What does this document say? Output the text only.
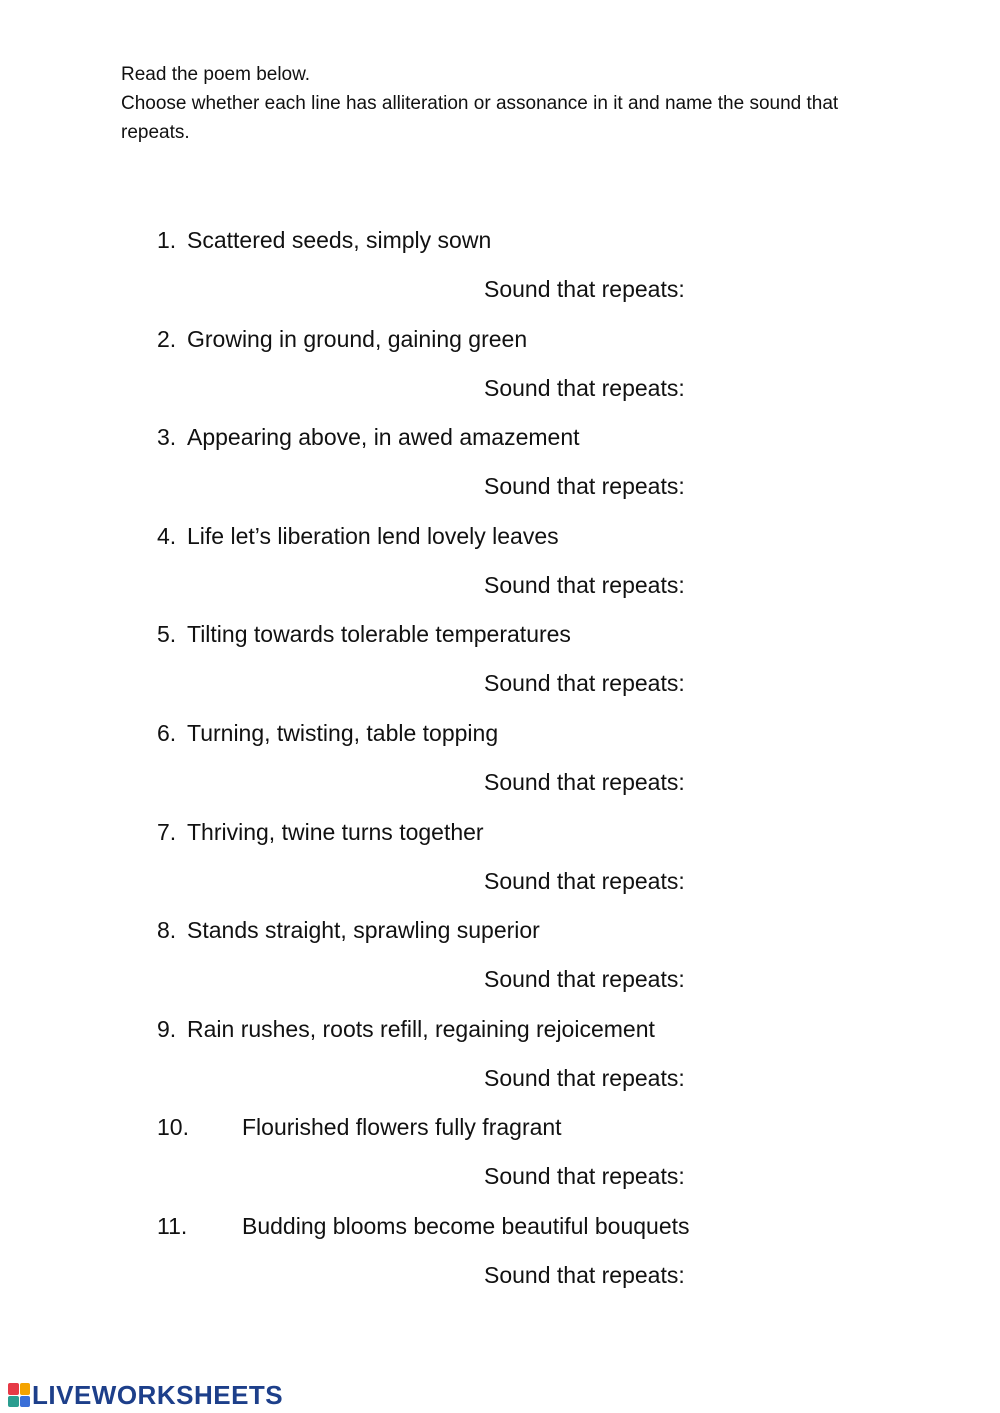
Read the poem below.

Choose whether each line has alliteration or assonance in it and name the sound that repeats.

1. Scattered seeds, simply sown
Sound that repeats:
2. Growing in ground, gaining green
Sound that repeats:
3. Appearing above, in awed amazement
Sound that repeats:
4. Life let’s liberation lend lovely leaves
Sound that repeats:
5. Tilting towards tolerable temperatures
Sound that repeats:
6. Turning, twisting, table topping
Sound that repeats:
7. Thriving, twine turns together
Sound that repeats:
8. Stands straight, sprawling superior
Sound that repeats:
9. Rain rushes, roots refill, regaining rejoicement
Sound that repeats:
10. Flourished flowers fully fragrant
Sound that repeats:
11. Budding blooms become beautiful bouquets
Sound that repeats:
LIVEWORKSHEETS
